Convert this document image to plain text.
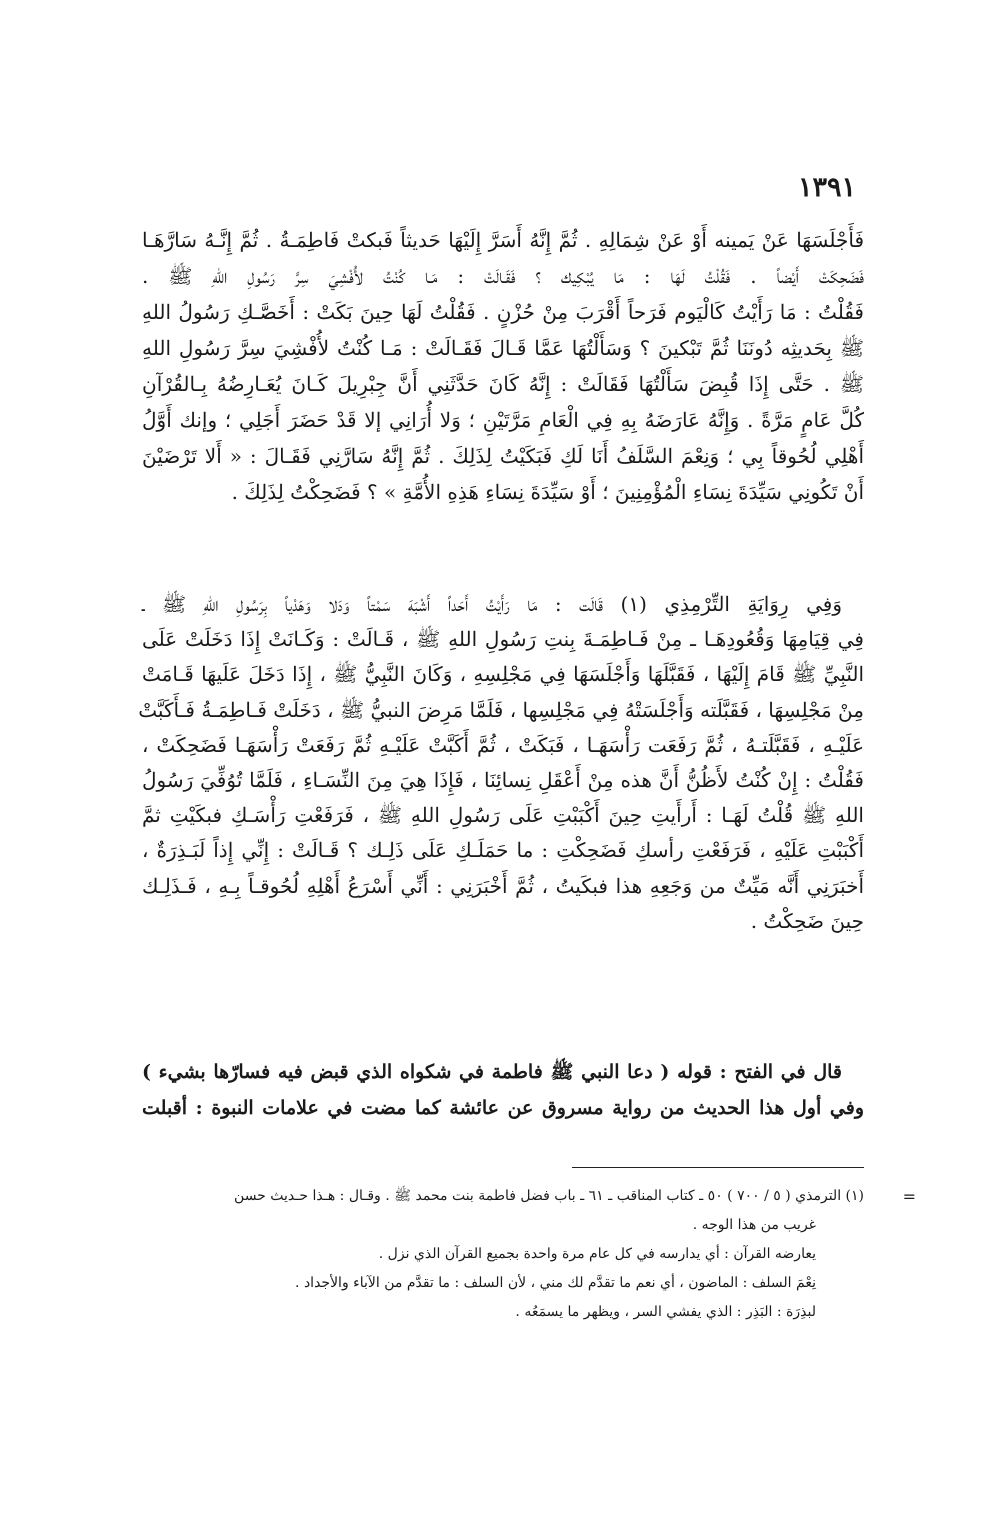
١٣٩١
فَأَجْلَسَهَا عَنْ يَمينه أَوْ عَنْ شِمَالِهِ . ثُمَّ إِنَّهُ أَسَرَّ إِلَيْهَا حَديثاً فَبكتْ فَاطِمَـةُ . ثُمَّ إِنَّـهُ سَارَّهَـا
فَضَحِكَتْ أَيْضاً . فَقُلْتُ لَهَا : مَا يُبْكِيك ؟ فَقَـالَتْ : مَـا كُنْتُ لأُفْشِيَ سِرَّ رَسُولِ اللهِ ﷺ .
فَقُلْتُ : مَا رَأَيْتُ كَالْيَوم فَرَحاً أَقْرَبَ مِنْ حُزْنٍ . فَقُلْتُ لَهَا حِينَ بَكَتْ : أَخَصَّـكِ رَسُولُ اللهِ
ﷺ بِحَديثِه دُونَنَا ثُمَّ تَبْكينَ ؟ وَسَأَلْتُهَا عَمَّا قَـالَ فَقَـالَتْ : مَـا كُنْتُ لأُفْشِيَ سِرَّ رَسُولِ اللهِ
ﷺ . حَتَّى إِذَا قُبِضَ سَأَلْتُهَا فَقَالَتْ : إِنَّهُ كَانَ حَدَّثَنِي أَنَّ جِبْرِيلَ كَـانَ يُعَـارِضُهُ بِـالقُرْآنِ
كُلَّ عَامٍ مَرَّةً . وَإِنَّهُ عَارَضَهُ بِهِ فِي الْعَامِ مَرَّتَيْنِ ؛ وَلا أُرَانِي إلا قَدْ حَضَرَ أَجَلِي ؛ وإنك أَوَّلُ
أَهْلِي لُحُوقاً بِي ؛ وَنِعْمَ السَّلَفُ أَنَا لَكِ فَبَكَيْتُ لِذَلِكَ . ثُمَّ إِنَّهُ سَارَّنِي فَقَـالَ : « أَلا تَرْضَيْنَ
أَنْ تَكُونِي سَيِّدَةَ نِسَاءِ الْمُؤْمِنِينَ ؛ أَوْ سَيِّدَةَ نِسَاءِ هَذِهِ الأُمَّةِ » ؟ فَضَحِكْتُ لِذَلِكَ .
وَفِي رِوَايَةِ التِّرْمِذِي (١) قَالَت : مَا رَأَيْتُ أَحَداً أَشْبَهَ سَمْتاً وَدَلا وَهَدْياً بِرَسُولِ اللهِ ﷺ ـ
فِي قِيَامِهَا وَقُعُودِهَـا ـ مِنْ فَـاطِمَـةَ بِنتِ رَسُولِ اللهِ ﷺ ، قَـالَتْ : وَكَـانَتْ إِذَا دَخَلَتْ عَلَى
النَّبِيِّ ﷺ قَامَ إِلَيْهَا ، فَقَبَّلَهَا وَأَجْلَسَهَا فِي مَجْلِسِهِ ، وَكَانَ النَّبِيُّ ﷺ ، إِذَا دَخَلَ عَلَيهَا قَـامَتْ
مِنْ مَجْلِسِهَا ، فَقَبَّلَته وَأَجْلَسَتْهُ فِي مَجْلِسِها ، فَلَمَّا مَرِضَ النبيُّ ﷺ ، دَخَلَتْ فَـاطِمَـةُ فَـأَكَبَّتْ
عَلَيْـهِ ، فَقَبَّلَتـهُ ، ثُمَّ رَفَعَت رَأْسَهَـا ، فَبَكَتْ ، ثُمَّ أَكَبَّتْ عَلَيْـهِ ثُمَّ رَفَعَتْ رَأْسَهَـا فَضَحِكَتْ ،
فَقُلْتُ : إِنْ كُنْتُ لأَظُنُّ أَنَّ هذه مِنْ أَعْقَلِ نِسائِنَا ، فَإِذَا هِيَ مِنَ النِّسَـاءِ ، فَلَمَّا تُوُفِّيَ رَسُولُ
اللهِ ﷺ قُلْتُ لَهَـا : أَرأَيتِ حِينَ أَكْبَبْتِ عَلَى رَسُولِ اللهِ ﷺ ، فَرَفَعْتِ رَأْسَـكِ فبكَيْتِ ثمَّ
أَكْبَبْتِ عَلَيْهِ ، فَرَفَعْتِ رأسكِ فَضَحِكْتِ : ما حَمَلَـكِ عَلَى ذَلِـك ؟ قَـالَتْ : إِنِّي إِذاً لَبَـذِرَةٌ ،
أَخبَرَنِي أَنَّه مَيِّتٌ من وَجَعِهِ هذا فبكَيتُ ، ثُمَّ أَخْبَرَنِي : أَنِّي أَسْرَعُ أَهْلِهِ لُحُوقـاً بِـهِ ، فَـذَلِـك
حِينَ ضَحِكْتُ .
قال في الفتح : قوله ( دعا النبي ﷺ فاطمة في شكواه الذي قبض فيه فسارّها بشيء )
وفي أول هذا الحديث من رواية مسروق عن عائشة كما مضت في علامات النبوة : أقبلت
=
(١) الترمذي ( ٥ / ٧٠٠ ) ٥٠ ـ كتاب المناقب ـ ٦١ ـ باب فضل فاطمة بنت محمد ﷺ . وقـال : هـذا حـديث حسن
غريب من هذا الوجه .
يعارضه القرآن : أي يدارسه في كل عام مرة واحدة بجميع القرآن الذي نزل .
نِعْمَ السلف : الماضون ، أي نعم ما تقدَّم لك مني ، لأن السلف : ما تقدَّم من الآباء والأجداد .
لبذِرَة : البَذِر : الذي يفشي السر ، ويظهر ما يسمَعُه .
